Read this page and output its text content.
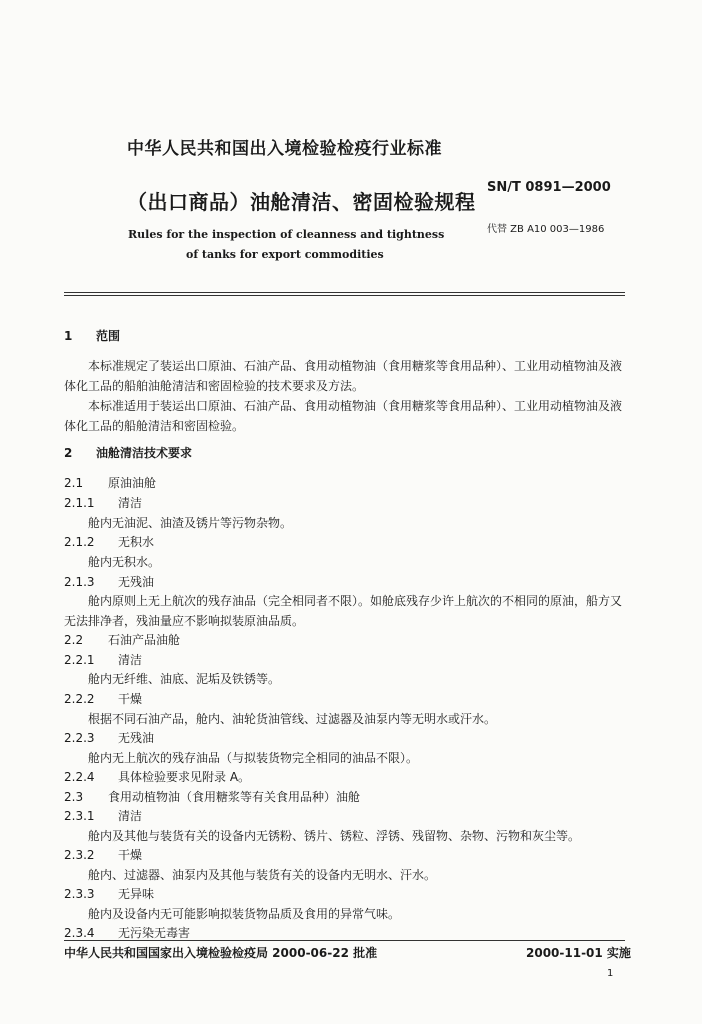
中华人民共和国出入境检验检疫行业标准
（出口商品）油舱清洁、密固检验规程
SN/T 0891—2000
代替 ZB A10 003—1986
Rules for the inspection of cleanness and tightness
of tanks for export commodities
1 范围
本标准规定了装运出口原油、石油产品、食用动植物油（食用糖浆等食用品种）、工业用动植物油及液体化工品的船舶油舱清洁和密固检验的技术要求及方法。
本标准适用于装运出口原油、石油产品、食用动植物油（食用糖浆等食用品种）、工业用动植物油及液体化工品的船舱清洁和密固检验。
2 油舱清洁技术要求
2.1 原油油舱
2.1.1 清洁
舱内无油泥、油渣及锈片等污物杂物。
2.1.2 无积水
舱内无积水。
2.1.3 无残油
舱内原则上无上航次的残存油品（完全相同者不限）。如舱底残存少许上航次的不相同的原油，船方又无法排净者，残油量应不影响拟装原油品质。
2.2 石油产品油舱
2.2.1 清洁
舱内无纤维、油底、泥垢及铁锈等。
2.2.2 干燥
根据不同石油产品，舱内、油轮货油管线、过滤器及油泵内等无明水或汗水。
2.2.3 无残油
舱内无上航次的残存油品（与拟装货物完全相同的油品不限）。
2.2.4 具体检验要求见附录 A。
2.3 食用动植物油（食用糖浆等有关食用品种）油舱
2.3.1 清洁
舱内及其他与装货有关的设备内无锈粉、锈片、锈粒、浮锈、残留物、杂物、污物和灰尘等。
2.3.2 干燥
舱内、过滤器、油泵内及其他与装货有关的设备内无明水、汗水。
2.3.3 无异味
舱内及设备内无可能影响拟装货物品质及食用的异常气味。
2.3.4 无污染无毒害
中华人民共和国国家出入境检验检疫局 2000-06-22 批准	2000-11-01 实施
1
